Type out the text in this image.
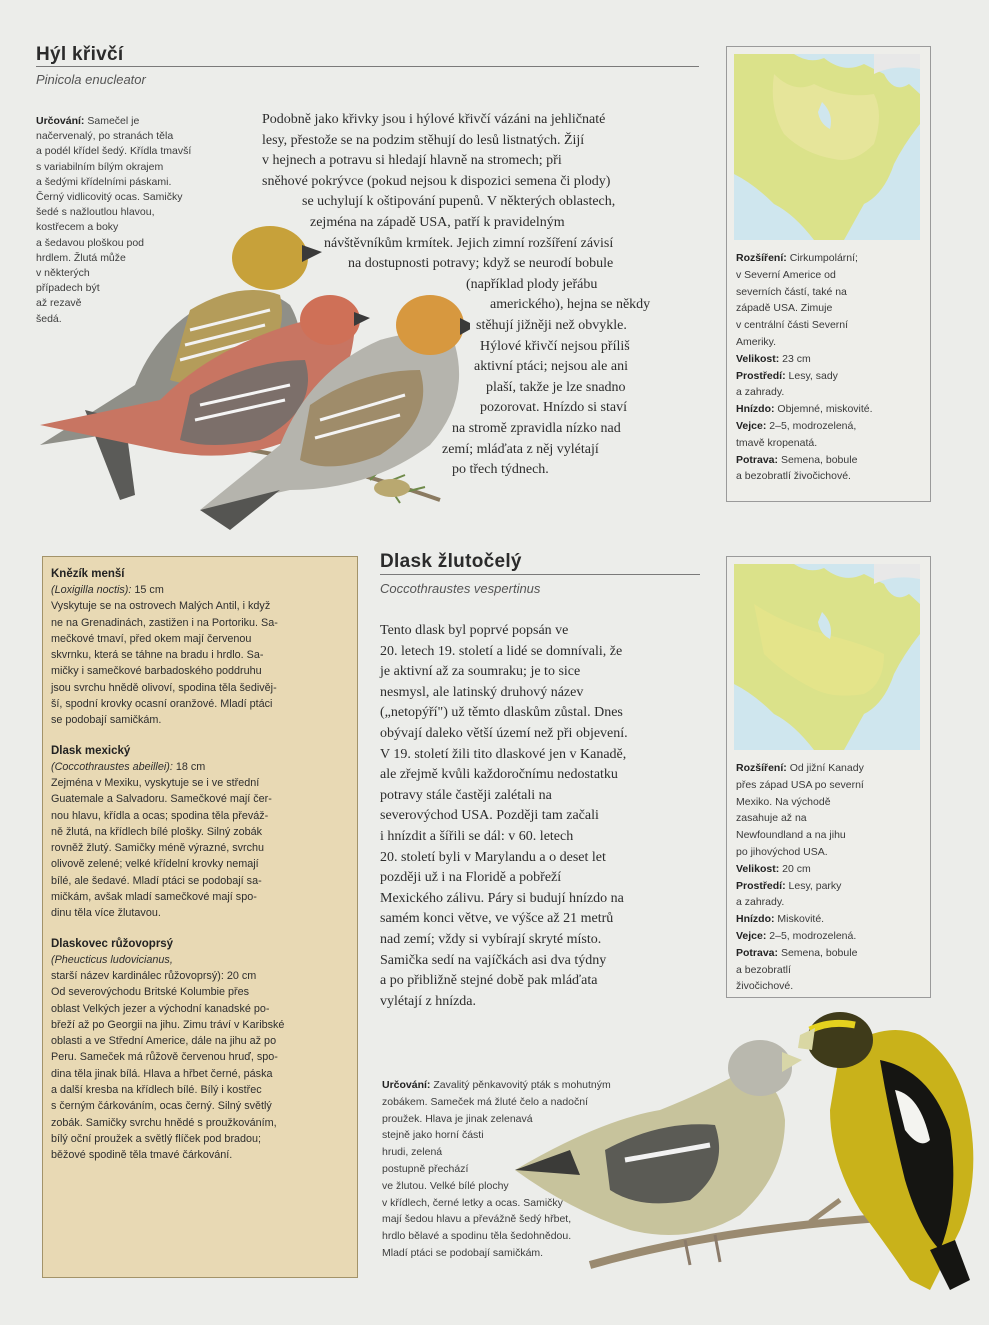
Hýl křivčí
Pinicola enucleator
Určování: Samečel je
načervenalý, po stranách těla
a podél křídel šedý. Křídla tmavší
s variabilním bílým okrajem
a šedými křídelními páskami.
Černý vidlicovitý ocas. Samičky
šedé s nažloutlou hlavou,
kostřecem a boky
a šedavou ploškou pod
hrdlem. Žlutá může
v některých
případech být
až rezavě
šedá.
Podobně jako křivky jsou i hýlové křivčí vázáni na jehličnaté
lesy, přestože se na podzim stěhují do lesů listnatých. Žijí
v hejnech a potravu si hledají hlavně na stromech; při
sněhové pokrývce (pokud nejsou k dispozici semena či plody)
se uchylují k oštipování pupenů. V některých oblastech,
zejména na západě USA, patří k pravidelným
návštěvníkům krmítek. Jejich zimní rozšíření závisí
na dostupnosti potravy; když se neurodí bobule
(například plody jeřábu
amerického), hejna se někdy
stěhují jižněji než obvykle.
Hýlové křivčí nejsou příliš
aktivní ptáci; nejsou ale ani
plaší, takže je lze snadno
pozorovat. Hnízdo si staví
na stromě zpravidla nízko nad
zemí; mláďata z něj vylétají
po třech týdnech.
Rozšíření: Cirkumpolární;
v Severní Americe od
severních částí, také na
západě USA. Zimuje
v centrální části Severní
Ameriky.
Velikost: 23 cm
Prostředí: Lesy, sady
a zahrady.
Hnízdo: Objemné, miskovité.
Vejce: 2–5, modrozelená,
tmavě kropenatá.
Potrava: Semena, bobule
a bezobratlí živočichové.
Knězík menší
(Loxigilla noctis): 15 cm
Vyskytuje se na ostrovech Malých Antil, i když
ne na Grenadinách, zastižen i na Portoriku. Sa-
mečkové tmaví, před okem mají červenou
skvrnku, která se táhne na bradu i hrdlo. Sa-
mičky i samečkové barbadoského poddruhu
jsou svrchu hnědě olivoví, spodina těla šedivěj-
ší, spodní krovky ocasní oranžové. Mladí ptáci
se podobají samičkám.
Dlask mexický
(Coccothraustes abeillei): 18 cm
Zejména v Mexiku, vyskytuje se i ve střední
Guatemale a Salvadoru. Samečkové mají čer-
nou hlavu, křídla a ocas; spodina těla převáž-
ně žlutá, na křídlech bílé plošky. Silný zobák
rovněž žlutý. Samičky méně výrazné, svrchu
olivově zelené; velké křídelní krovky nemají
bílé, ale šedavé. Mladí ptáci se podobají sa-
mičkám, avšak mladí samečkové mají spo-
dinu těla více žlutavou.
Dlaskovec růžovoprsý
(Pheucticus ludovicianus,
starší název kardinálec růžovoprsý): 20 cm
Od severovýchodu Britské Kolumbie přes
oblast Velkých jezer a východní kanadské po-
břeží až po Georgii na jihu. Zimu tráví v Karibské
oblasti a ve Střední Americe, dále na jihu až po
Peru. Sameček má růžově červenou hruď, spo-
dina těla jinak bílá. Hlava a hřbet černé, páska
a další kresba na křídlech bílé. Bílý i kostřec
s černým čárkováním, ocas černý. Silný světlý
zobák. Samičky svrchu hnědé s proužkováním,
bílý oční proužek a světlý flíček pod bradou;
běžové spodině těla tmavé čárkování.
Dlask žlutočelý
Coccothraustes vespertinus
Tento dlask byl poprvé popsán ve
20. letech 19. století a lidé se domnívali, že
je aktivní až za soumraku; je to sice
nesmysl, ale latinský druhový název
(„netopýří") už těmto dlaskům zůstal. Dnes
obývají daleko větší území než při objevení.
V 19. století žili tito dlaskové jen v Kanadě,
ale zřejmě kvůli každoročnímu nedostatku
potravy stále častěji zalétali na
severovýchod USA. Později tam začali
i hnízdit a šířili se dál: v 60. letech
20. století byli v Marylandu a o deset let
později už i na Floridě a pobřeží
Mexického zálivu. Páry si budují hnízdo na
samém konci větve, ve výšce až 21 metrů
nad zemí; vždy si vybírají skryté místo.
Samička sedí na vajíčkách asi dva týdny
a po přibližně stejné době pak mláďata
vylétají z hnízda.
Rozšíření: Od jižní Kanady
přes západ USA po severní
Mexiko. Na východě
zasahuje až na
Newfoundland a na jihu
po jihovýchod USA.
Velikost: 20 cm
Prostředí: Lesy, parky
a zahrady.
Hnízdo: Miskovité.
Vejce: 2–5, modrozelená.
Potrava: Semena, bobule
a bezobratlí
živočichové.
Určování: Zavalitý pěnkavovitý pták s mohutným
zobákem. Sameček má žluté čelo a nadoční
proužek. Hlava je jinak zelenavá
stejně jako horní části
hrudi, zelená
postupně přechází
ve žlutou. Velké bílé plochy
v křídlech, černé letky a ocas. Samičky
mají šedou hlavu a převážně šedý hřbet,
hrdlo bělavé a spodinu těla šedohnědou.
Mladí ptáci se podobají samičkám.
